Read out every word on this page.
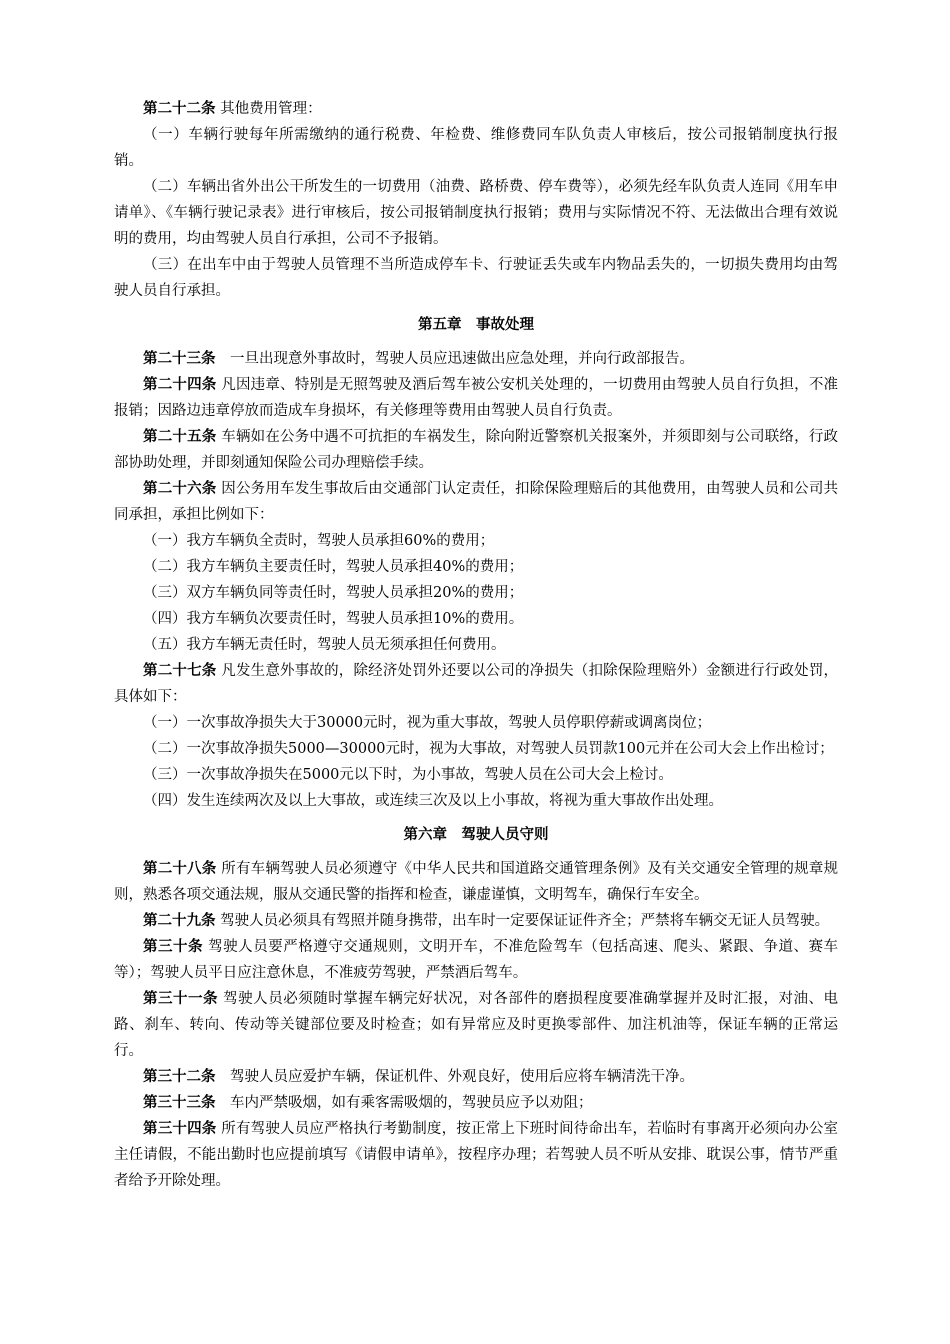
第二十二条 其他费用管理：

（一）车辆行驶每年所需缴纳的通行税费、年检费、维修费同车队负责人审核后，按公司报销制度执行报销。

（二）车辆出省外出公干所发生的一切费用（油费、路桥费、停车费等），必须先经车队负责人连同《用车申请单》、《车辆行驶记录表》进行审核后，按公司报销制度执行报销；费用与实际情况不符、无法做出合理有效说明的费用，均由驾驶人员自行承担，公司不予报销。

（三）在出车中由于驾驶人员管理不当所造成停车卡、行驶证丢失或车内物品丢失的，一切损失费用均由驾驶人员自行承担。

第五章　事故处理

第二十三条　一旦出现意外事故时，驾驶人员应迅速做出应急处理，并向行政部报告。

第二十四条 凡因违章、特别是无照驾驶及酒后驾车被公安机关处理的，一切费用由驾驶人员自行负担，不准报销；因路边违章停放而造成车身损坏，有关修理等费用由驾驶人员自行负责。

第二十五条 车辆如在公务中遇不可抗拒的车祸发生，除向附近警察机关报案外，并须即刻与公司联络，行政部协助处理，并即刻通知保险公司办理赔偿手续。

第二十六条 因公务用车发生事故后由交通部门认定责任，扣除保险理赔后的其他费用，由驾驶人员和公司共同承担，承担比例如下：

（一）我方车辆负全责时，驾驶人员承担60%的费用；

（二）我方车辆负主要责任时，驾驶人员承担40%的费用；

（三）双方车辆负同等责任时，驾驶人员承担20%的费用；

（四）我方车辆负次要责任时，驾驶人员承担10%的费用。

（五）我方车辆无责任时，驾驶人员无须承担任何费用。

第二十七条 凡发生意外事故的，除经济处罚外还要以公司的净损失（扣除保险理赔外）金额进行行政处罚，具体如下：

（一）一次事故净损失大于30000元时，视为重大事故，驾驶人员停职停薪或调离岗位；

（二）一次事故净损失5000—30000元时，视为大事故，对驾驶人员罚款100元并在公司大会上作出检讨；

（三）一次事故净损失在5000元以下时，为小事故，驾驶人员在公司大会上检讨。

（四）发生连续两次及以上大事故，或连续三次及以上小事故，将视为重大事故作出处理。

第六章　驾驶人员守则

第二十八条 所有车辆驾驶人员必须遵守《中华人民共和国道路交通管理条例》及有关交通安全管理的规章规则，熟悉各项交通法规，服从交通民警的指挥和检查，谦虚谨慎，文明驾车，确保行车安全。

第二十九条 驾驶人员必须具有驾照并随身携带，出车时一定要保证证件齐全；严禁将车辆交无证人员驾驶。

第三十条 驾驶人员要严格遵守交通规则，文明开车，不准危险驾车（包括高速、爬头、紧跟、争道、赛车等）；驾驶人员平日应注意休息，不准疲劳驾驶，严禁酒后驾车。

第三十一条 驾驶人员必须随时掌握车辆完好状况，对各部件的磨损程度要准确掌握并及时汇报，对油、电路、刹车、转向、传动等关键部位要及时检查；如有异常应及时更换零部件、加注机油等，保证车辆的正常运行。

第三十二条　驾驶人员应爱护车辆，保证机件、外观良好，使用后应将车辆清洗干净。

第三十三条　车内严禁吸烟，如有乘客需吸烟的，驾驶员应予以劝阻；

第三十四条 所有驾驶人员应严格执行考勤制度，按正常上下班时间待命出车，若临时有事离开必须向办公室主任请假，不能出勤时也应提前填写《请假申请单》，按程序办理；若驾驶人员不听从安排、耽误公事，情节严重者给予开除处理。
